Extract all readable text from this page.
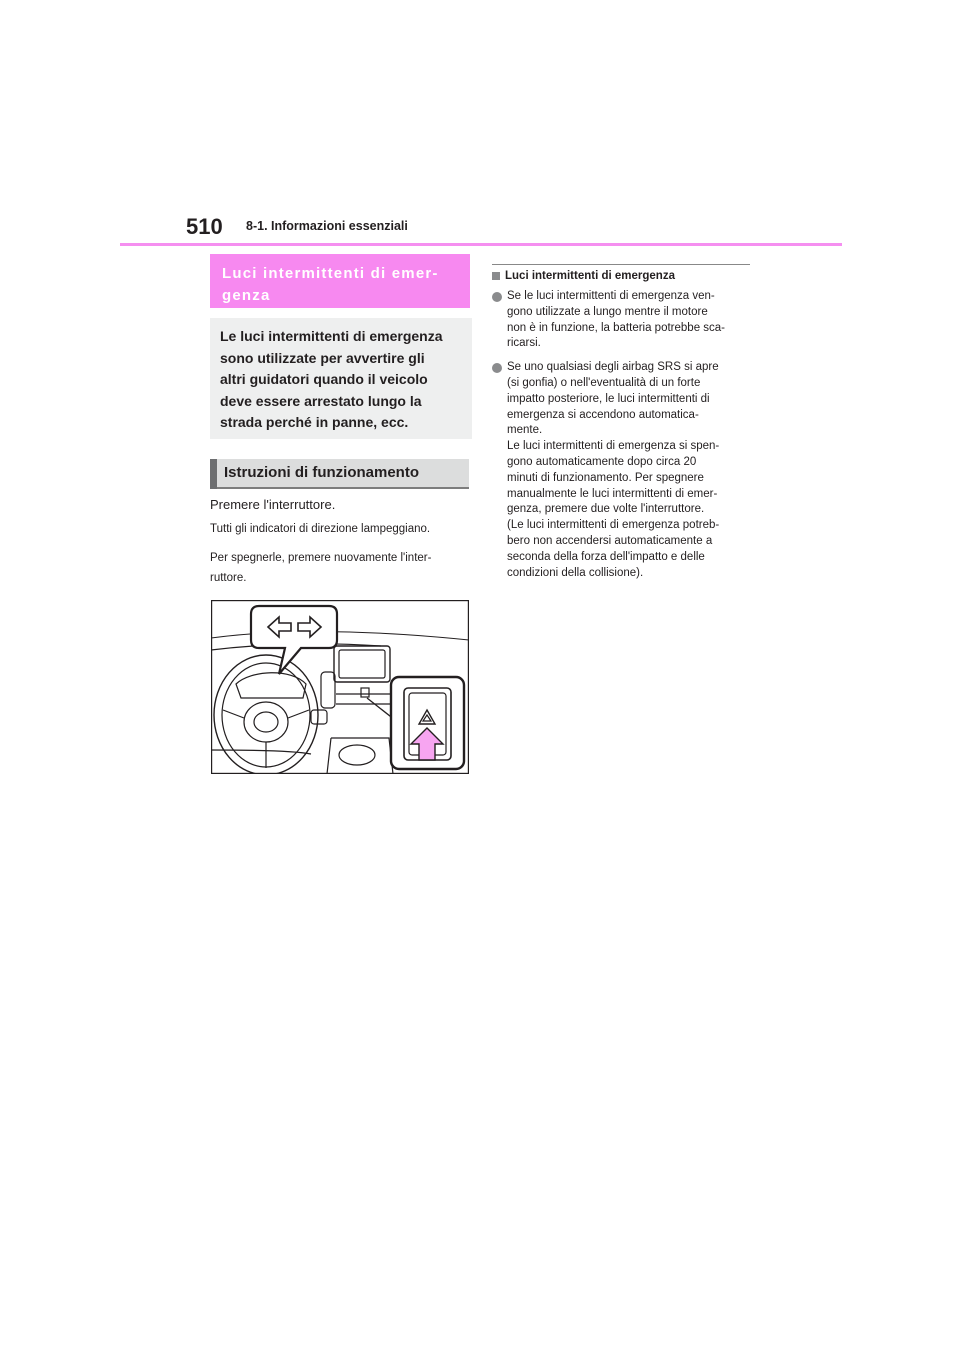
510 8-1. Informazioni essenziali
Luci intermittenti di emer-
genza
Le luci intermittenti di emergenza
sono utilizzate per avvertire gli
altri guidatori quando il veicolo
deve essere arrestato lungo la
strada perché in panne, ecc.
Istruzioni di funzionamento
Premere l'interruttore.
Tutti gli indicatori di direzione lampeggiano.
Per spegnerle, premere nuovamente l'inter-
ruttore.
Luci intermittenti di emergenza
Se le luci intermittenti di emergenza ven-
gono utilizzate a lungo mentre il motore
non è in funzione, la batteria potrebbe sca-
ricarsi.
Se uno qualsiasi degli airbag SRS si apre
(si gonfia) o nell'eventualità di un forte
impatto posteriore, le luci intermittenti di
emergenza si accendono automatica-
mente.
Le luci intermittenti di emergenza si spen-
gono automaticamente dopo circa 20
minuti di funzionamento. Per spegnere
manualmente le luci intermittenti di emer-
genza, premere due volte l'interruttore.
(Le luci intermittenti di emergenza potreb-
bero non accendersi automaticamente a
seconda della forza dell'impatto e delle
condizioni della collisione).
